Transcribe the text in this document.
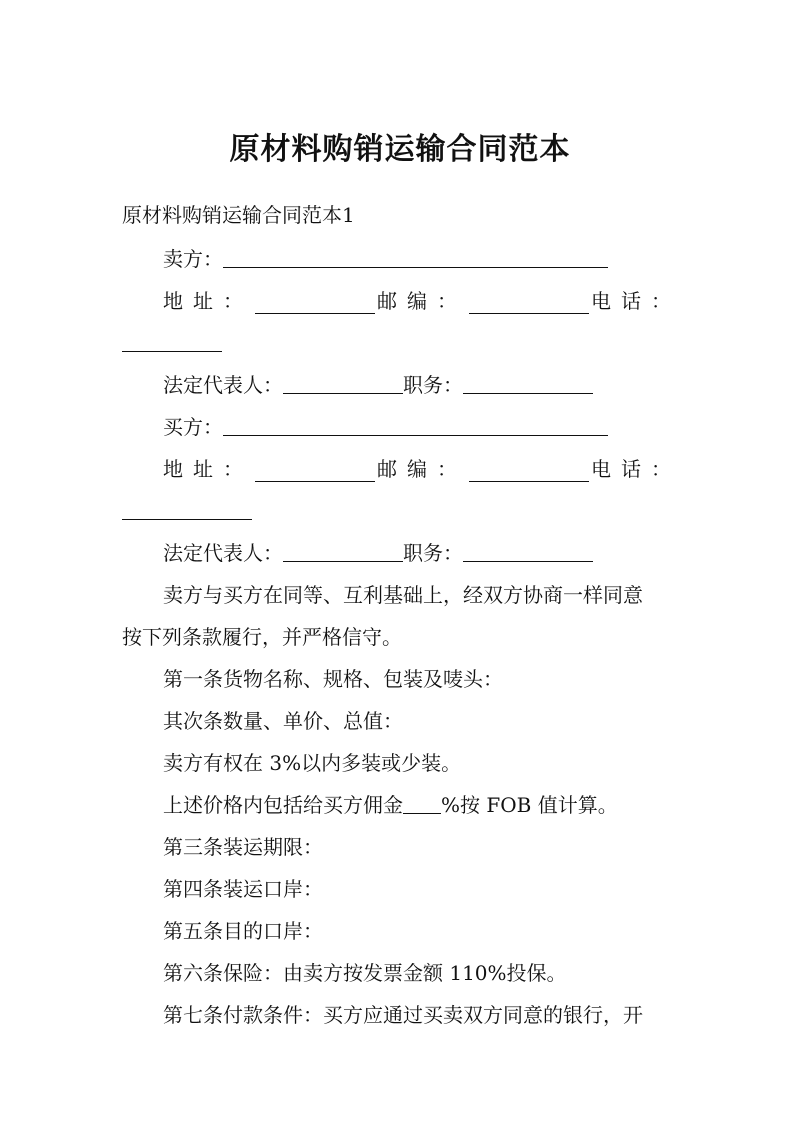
原材料购销运输合同范本
原材料购销运输合同范本1
卖方：
地址：	邮编：	电话：
法定代表人：	职务：
买方：
地址：	邮编：	电话：
法定代表人：	职务：
卖方与买方在同等、互利基础上，经双方协商一样同意
按下列条款履行，并严格信守。
第一条货物名称、规格、包装及唛头：
其次条数量、单价、总值：
卖方有权在 3%以内多装或少装。
上述价格内包括给买方佣金 %按 FOB 值计算。
第三条装运期限：
第四条装运口岸：
第五条目的口岸：
第六条保险：由卖方按发票金额 110%投保。
第七条付款条件：买方应通过买卖双方同意的银行，开
